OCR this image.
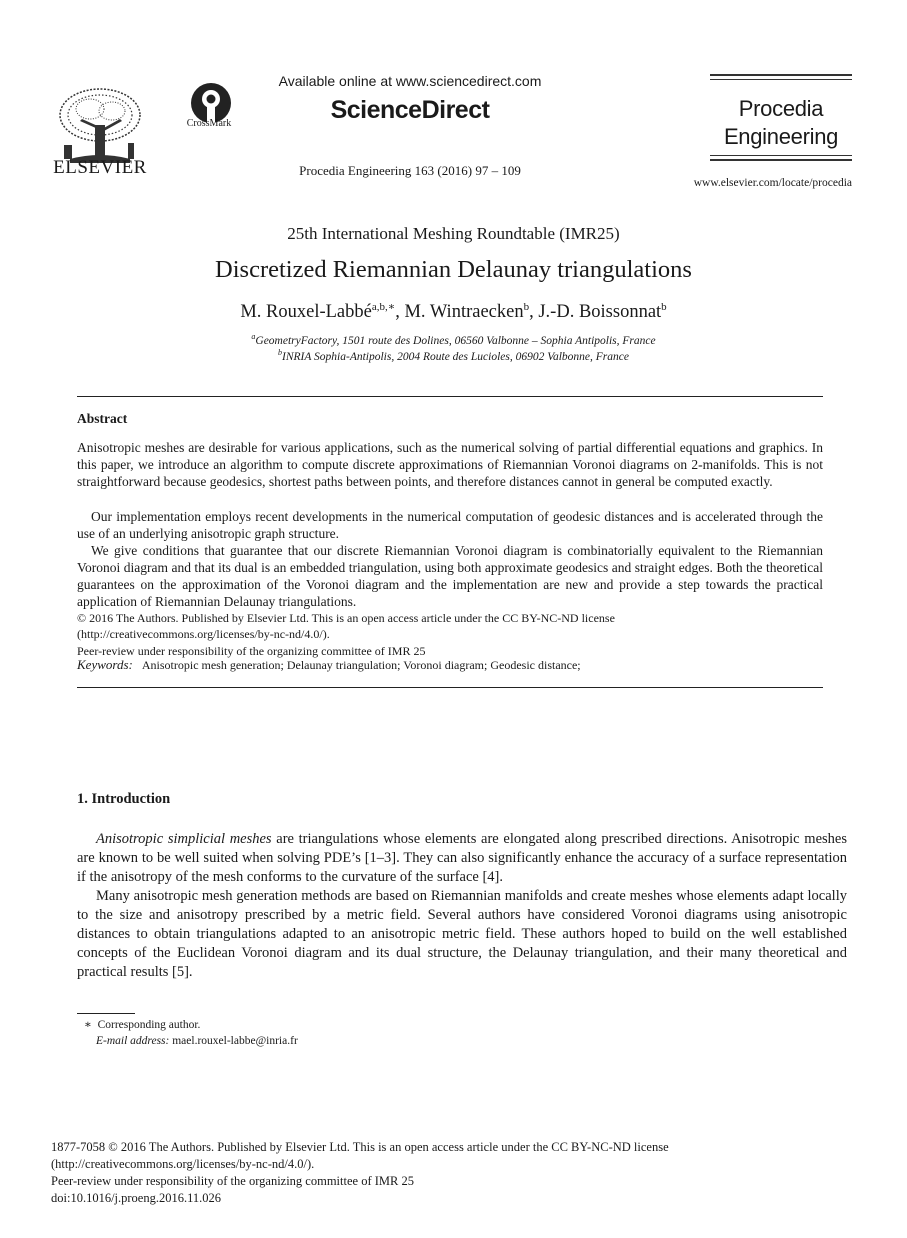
ELSEVIER
CrossMark
Available online at www.sciencedirect.com
ScienceDirect
Procedia Engineering 163 (2016) 97 – 109
Procedia
Engineering
www.elsevier.com/locate/procedia
25th International Meshing Roundtable (IMR25)
Discretized Riemannian Delaunay triangulations
M. Rouxel-Labbé$^{a,b,∗}$, M. Wintraecken$^b$, J.-D. Boissonnat$^b$
$^a$GeometryFactory, 1501 route des Dolines, 06560 Valbonne – Sophia Antipolis, France
$^b$INRIA Sophia-Antipolis, 2004 Route des Lucioles, 06902 Valbonne, France
Abstract
Anisotropic meshes are desirable for various applications, such as the numerical solving of partial differential equations and graphics. In this paper, we introduce an algorithm to compute discrete approximations of Riemannian Voronoi diagrams on 2-manifolds. This is not straightforward because geodesics, shortest paths between points, and therefore distances cannot in general be computed exactly.
Our implementation employs recent developments in the numerical computation of geodesic distances and is accelerated through the use of an underlying anisotropic graph structure.
We give conditions that guarantee that our discrete Riemannian Voronoi diagram is combinatorially equivalent to the Riemannian Voronoi diagram and that its dual is an embedded triangulation, using both approximate geodesics and straight edges. Both the theoretical guarantees on the approximation of the Voronoi diagram and the implementation are new and provide a step towards the practical application of Riemannian Delaunay triangulations.
© 2016 The Authors. Published by Elsevier Ltd. This is an open access article under the CC BY-NC-ND license
(http://creativecommons.org/licenses/by-nc-nd/4.0/).
Peer-review under responsibility of the organizing committee of IMR 25
Keywords: Anisotropic mesh generation; Delaunay triangulation; Voronoi diagram; Geodesic distance;
1. Introduction
Anisotropic simplicial meshes are triangulations whose elements are elongated along prescribed directions. Anisotropic meshes are known to be well suited when solving PDE’s [1–3]. They can also significantly enhance the accuracy of a surface representation if the anisotropy of the mesh conforms to the curvature of the surface [4].
Many anisotropic mesh generation methods are based on Riemannian manifolds and create meshes whose elements adapt locally to the size and anisotropy prescribed by a metric field. Several authors have considered Voronoi diagrams using anisotropic distances to obtain triangulations adapted to an anisotropic metric field. These authors hoped to build on the well established concepts of the Euclidean Voronoi diagram and its dual structure, the Delaunay triangulation, and their many theoretical and practical results [5].
∗ Corresponding author.
E-mail address: mael.rouxel-labbe@inria.fr
1877-7058 © 2016 The Authors. Published by Elsevier Ltd. This is an open access article under the CC BY-NC-ND license
(http://creativecommons.org/licenses/by-nc-nd/4.0/).
Peer-review under responsibility of the organizing committee of IMR 25
doi:10.1016/j.proeng.2016.11.026
